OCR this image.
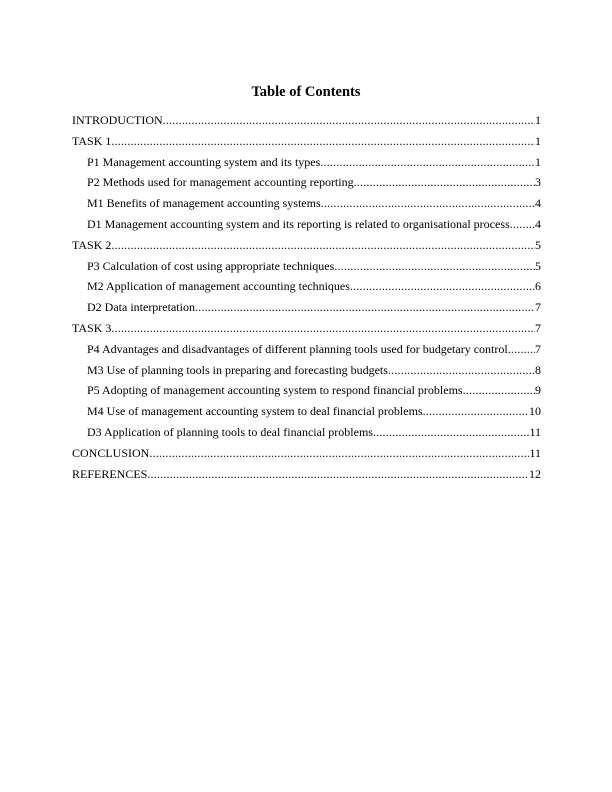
Table of Contents
INTRODUCTION .....	1
TASK 1 .....	1
P1 Management accounting system and its types .....	1
P2 Methods used for management accounting reporting .....	3
M1 Benefits of management accounting systems .....	4
D1 Management accounting system and its reporting is related to organisational process ..... 4
TASK 2 .....	5
P3 Calculation of cost using appropriate techniques .....	5
M2 Application of management accounting techniques .....	6
D2 Data interpretation .....	7
TASK 3 .....	7
P4 Advantages and disadvantages of different planning tools used for budgetary control ..... 7
M3 Use of planning tools in preparing and forecasting budgets .....	8
P5 Adopting of management accounting system to respond financial problems .....	9
M4 Use of management accounting system to deal financial problems .....	10
D3 Application of planning tools to deal financial problems .....	11
CONCLUSION .....	11
REFERENCES .....	12
